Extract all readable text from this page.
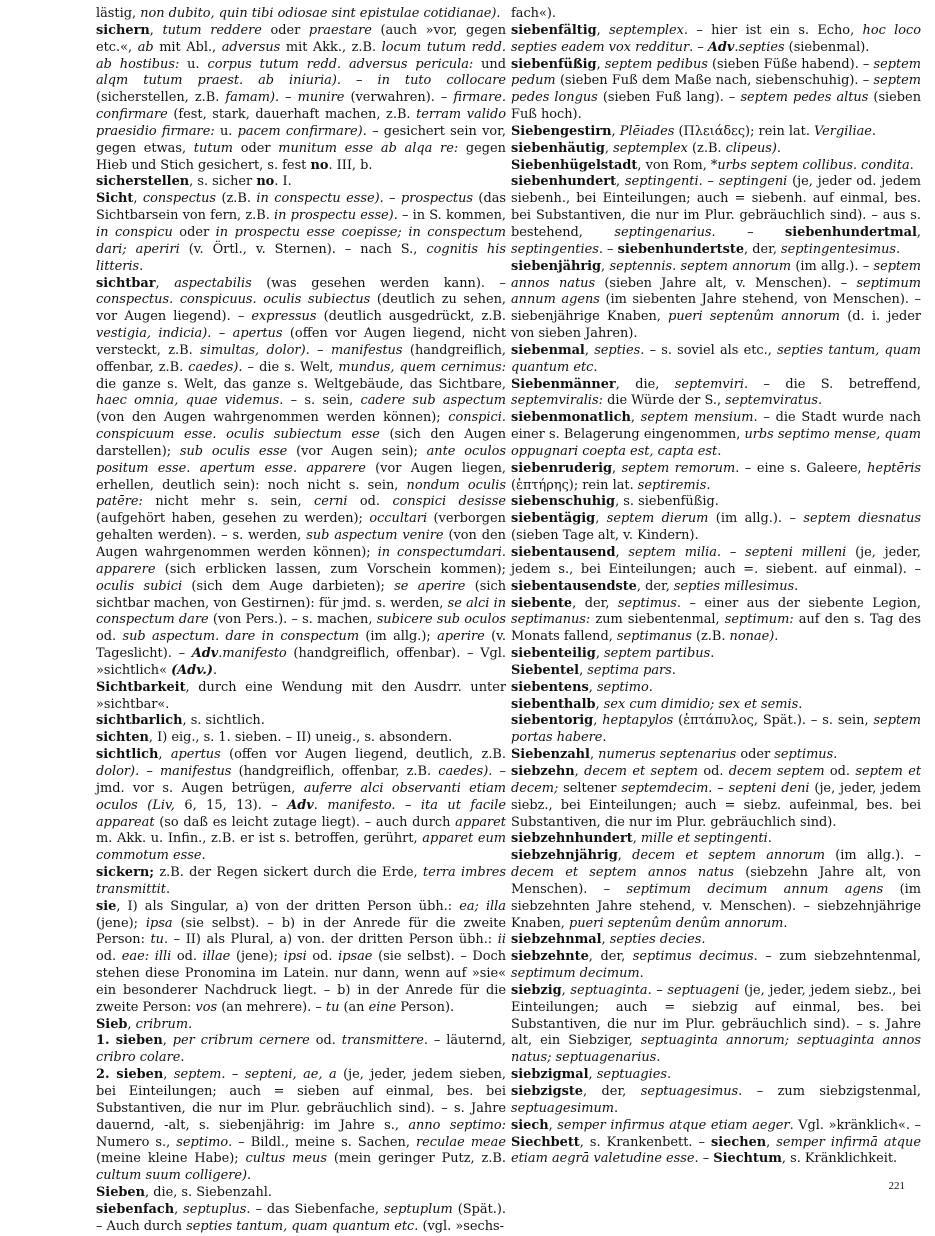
lästig, non dubito, quin tibi odiosae sint epistulae cotidianae).

sichern, tutum reddere oder praestare (auch »vor, gegen etc.«, ab mit Abl., adversus mit Akk., z.B. locum tutum redd. ab hostibus: u. corpus tutum redd. adversus pericula: und alqm tutum praest. ab iniuria). – in tuto collocare (sicherstellen, z.B. famam). – munire (verwahren). – firmare. confirmare (fest, stark, dauerhaft machen, z.B. terram valido praesidio firmare: u. pacem confirmare). – gesichert sein vor, gegen etwas, tutum oder munitum esse ab alqa re: gegen Hieb und Stich gesichert, s. fest no. III, b.

sicherstellen, s. sicher no. I.

Sicht, conspectus (z.B. in conspectu esse). – prospectus (das Sichtbarsein von fern, z.B. in prospectu esse). – in S. kommen, in conspicu oder in prospectu esse coepisse; in conspectum dari; aperiri (v. Örtl., v. Sternen). – nach S., cognitis his litteris.

sichtbar, aspectabilis (was gesehen werden kann). – conspectus. conspicuus. oculis subiectus (deutlich zu sehen, vor Augen liegend). – expressus (deutlich ausgedrückt, z.B. vestigia, indicia). – apertus (offen vor Augen liegend, nicht versteckt, z.B. simultas, dolor). – manifestus (handgreiflich, offenbar, z.B. caedes). – die s. Welt, mundus, quem cernimus: die ganze s. Welt, das ganze s. Weltgebäude, das Sichtbare, haec omnia, quae videmus. – s. sein, cadere sub aspectum (von den Augen wahrgenommen werden können); conspici. conspicuum esse. oculis subiectum esse (sich den Augen darstellen); sub oculis esse (vor Augen sein); ante oculos positum esse. apertum esse. apparere (vor Augen liegen, erhellen, deutlich sein): noch nicht s. sein, nondum oculis patēre: nicht mehr s. sein, cerni od. conspici desisse (aufgehört haben, gesehen zu werden); occultari (verborgen gehalten werden). – s. werden, sub aspectum venire (von den Augen wahrgenommen werden können); in conspectumdari. apparere (sich erblicken lassen, zum Vorschein kommen); oculis subici (sich dem Auge darbieten); se aperire (sich sichtbar machen, von Gestirnen): für jmd. s. werden, se alci in conspectum dare (von Pers.). – s. machen, subicere sub oculos od. sub aspectum. dare in conspectum (im allg.); aperire (v. Tageslicht). – Adv.manifesto (handgreiflich, offenbar). – Vgl. »sichtlich« (Adv.).

Sichtbarkeit, durch eine Wendung mit den Ausdrr. unter »sichtbar«.

sichtbarlich, s. sichtlich.

sichten, I) eig., s. 1. sieben. – II) uneig., s. absondern.

sichtlich, apertus (offen vor Augen liegend, deutlich, z.B. dolor). – manifestus (handgreiflich, offenbar, z.B. caedes). – jmd. vor s. Augen betrügen, auferre alci observanti etiam oculos (Liv, 6, 15, 13). – Adv. manifesto. – ita ut facile appareat (so daß es leicht zutage liegt). – auch durch apparet m. Akk. u. Infin., z.B. er ist s. betroffen, gerührt, apparet eum commotum esse.

sickern; z.B. der Regen sickert durch die Erde, terra imbres transmittit.

sie, I) als Singular, a) von der dritten Person übh.: ea; illa (jene); ipsa (sie selbst). – b) in der Anrede für die zweite Person: tu. – II) als Plural, a) von. der dritten Person übh.: ii od. eae: illi od. illae (jene); ipsi od. ipsae (sie selbst). – Doch stehen diese Pronomina im Latein. nur dann, wenn auf »sie« ein besonderer Nachdruck liegt. – b) in der Anrede für die zweite Person: vos (an mehrere). – tu (an eine Person).

Sieb, cribrum.

1. sieben, per cribrum cernere od. transmittere. – läuternd, cribro colare.

2. sieben, septem. – septeni, ae, a (je, jeder, jedem sieben, bei Einteilungen; auch = sieben auf einmal, bes. bei Substantiven, die nur im Plur. gebräuchlich sind). – s. Jahre dauernd, -alt, s. siebenjährig: im Jahre s., anno septimo: Numero s., septimo. – Bildl., meine s. Sachen, reculae meae (meine kleine Habe); cultus meus (mein geringer Putz, z.B. cultum suum colligere).

Sieben, die, s. Siebenzahl.

siebenfach, septuplus. – das Siebenfache, septuplum (Spät.). – Auch durch septies tantum, quam quantum etc. (vgl. »sechs-

fach«).

siebenfältig, septemplex. – hier ist ein s. Echo, hoc loco septies eadem vox redditur. – Adv.septies (siebenmal).

siebenfüßig, septem pedibus (sieben Füße habend). – septem pedum (sieben Fuß dem Maße nach, siebenschuhig). – septem pedes longus (sieben Fuß lang). – septem pedes altus (sieben Fuß hoch).

Siebengestirn, Plēiades (Πλειάδες); rein lat. Vergiliae.

siebenhäutig, septemplex (z.B. clipeus).

Siebenhügelstadt, von Rom, *urbs septem collibus. condita.

siebenhundert, septingenti. – septingeni (je, jeder od. jedem siebenh., bei Einteilungen; auch = siebenh. auf einmal, bes. bei Substantiven, die nur im Plur. gebräuchlich sind). – aus s. bestehend, septingenarius. – siebenhundertmal, septingenties. – siebenhundertste, der, septingentesimus.

siebenjährig, septennis. septem annorum (im allg.). – septem annos natus (sieben Jahre alt, v. Menschen). – septimum annum agens (im siebenten Jahre stehend, von Menschen). – siebenjährige Knaben, pueri septenûm annorum (d. i. jeder von sieben Jahren).

siebenmal, septies. – s. soviel als etc., septies tantum, quam quantum etc.

Siebenmänner, die, septemviri. – die S. betreffend, septemviralis: die Würde der S., septemviratus.

siebenmonatlich, septem mensium. – die Stadt wurde nach einer s. Belagerung eingenommen, urbs septimo mense, quam oppugnari coepta est, capta est.

siebenruderig, septem remorum. – eine s. Galeere, heptēris (ἑπτήρης); rein lat. septiremis.

siebenschuhig, s. siebenfüßig.

siebentägig, septem dierum (im allg.). – septem diesnatus (sieben Tage alt, v. Kindern).

siebentausend, septem milia. – septeni milleni (je, jeder, jedem s., bei Einteilungen; auch =. siebent. auf einmal). – siebentausendste, der, septies millesimus.

siebente, der, septimus. – einer aus der siebente Legion, septimanus: zum siebentenmal, septimum: auf den s. Tag des Monats fallend, septimanus (z.B. nonae).

siebenteilig, septem partibus.

Siebentel, septima pars.

siebentens, septimo.

siebenthalb, sex cum dimidio; sex et semis.

siebentorig, heptapylos (ἑπτάπυλος, Spät.). – s. sein, septem portas habere.

Siebenzahl, numerus septenarius oder septimus.

siebzehn, decem et septem od. decem septem od. septem et decem; seltener septemdecim. – septeni deni (je, jeder, jedem siebz., bei Einteilungen; auch = siebz. aufeinmal, bes. bei Substantiven, die nur im Plur. gebräuchlich sind).

siebzehnhundert, mille et septingenti.

siebzehnjährig, decem et septem annorum (im allg.). – decem et septem annos natus (siebzehn Jahre alt, von Menschen). – septimum decimum annum agens (im siebzehnten Jahre stehend, v. Menschen). – siebzehnjährige Knaben, pueri septenûm denûm annorum.

siebzehnmal, septies decies.

siebzehnte, der, septimus decimus. – zum siebzehntenmal, septimum decimum.

siebzig, septuaginta. – septuageni (je, jeder, jedem siebz., bei Einteilungen; auch = siebzig auf einmal, bes. bei Substantiven, die nur im Plur. gebräuchlich sind). – s. Jahre alt, ein Siebziger, septuaginta annorum; septuaginta annos natus; septuagenarius.

siebzigmal, septuagies.

siebzigste, der, septuagesimus. – zum siebzigstenmal, septuagesimum.

siech, semper infirmus atque etiam aeger. Vgl. »kränklich«. – Siechbett, s. Krankenbett. – siechen, semper infirmā atque etiam aegrā valetudine esse. – Siechtum, s. Kränklichkeit.

221
